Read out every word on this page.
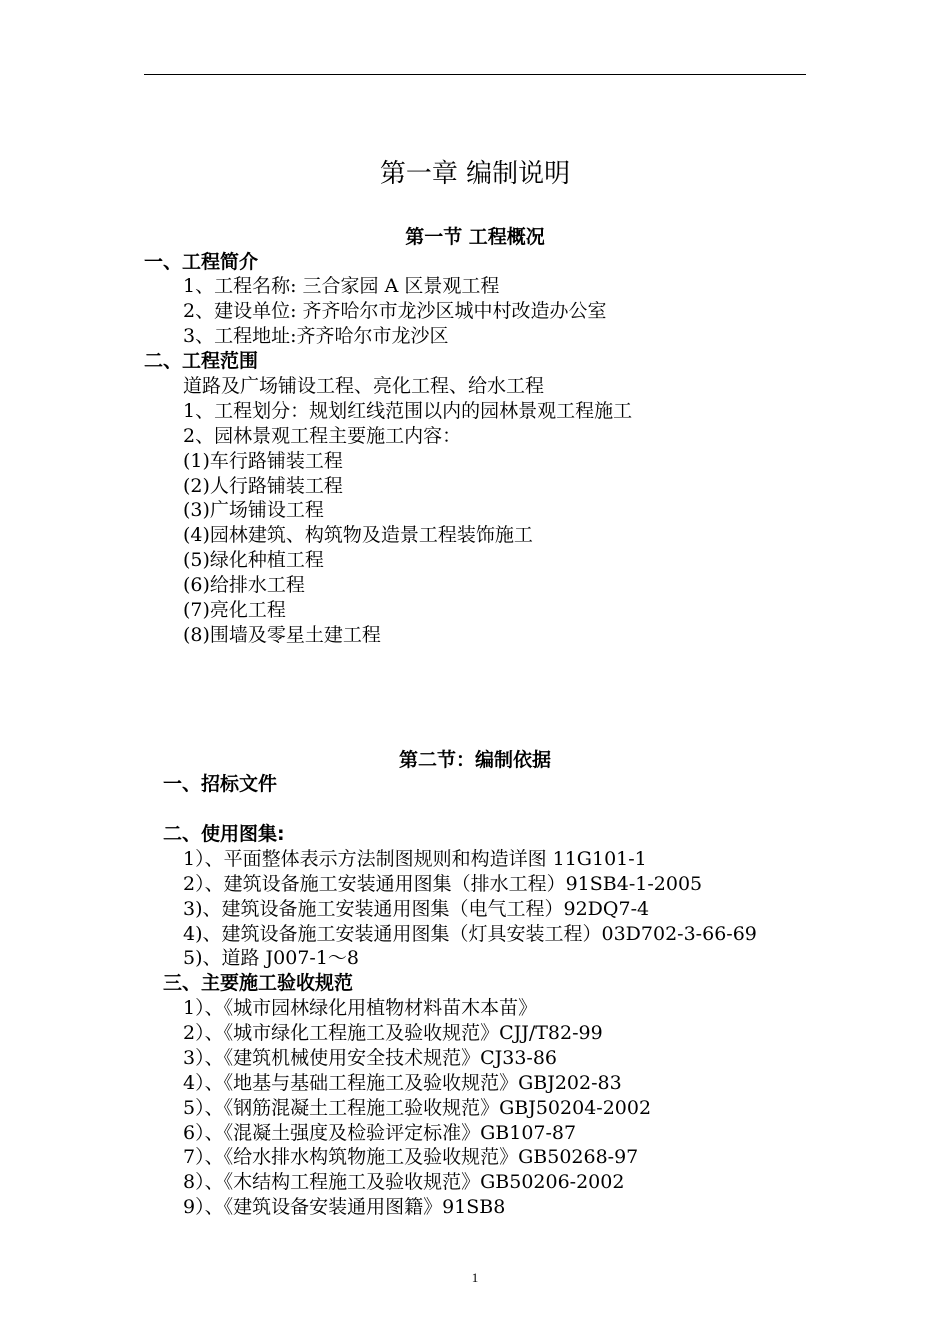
第一章 编制说明
第一节 工程概况
一、工程简介
1、工程名称: 三合家园 A 区景观工程
2、建设单位: 齐齐哈尔市龙沙区城中村改造办公室
3、工程地址:齐齐哈尔市龙沙区
二、工程范围
道路及广场铺设工程、亮化工程、给水工程
1、工程划分：规划红线范围以内的园林景观工程施工
2、园林景观工程主要施工内容：
(1)车行路铺装工程
(2)人行路铺装工程
(3)广场铺设工程
(4)园林建筑、构筑物及造景工程装饰施工
(5)绿化种植工程
(6)给排水工程
(7)亮化工程
(8)围墙及零星土建工程
第二节：编制依据
一、招标文件
二、使用图集:
1）、平面整体表示方法制图规则和构造详图 11G101-1
2）、建筑设备施工安装通用图集（排水工程）91SB4-1-2005
3)、建筑设备施工安装通用图集（电气工程）92DQ7-4
4)、建筑设备施工安装通用图集（灯具安装工程）03D702-3-66-69
5)、道路 J007-1～8
三、主要施工验收规范
1）、《城市园林绿化用植物材料苗木本苗》
2）、《城市绿化工程施工及验收规范》CJJ/T82-99
3）、《建筑机械使用安全技术规范》CJ33-86
4）、《地基与基础工程施工及验收规范》GBJ202-83
5）、《钢筋混凝土工程施工验收规范》GBJ50204-2002
6）、《混凝土强度及检验评定标准》GB107-87
7）、《给水排水构筑物施工及验收规范》GB50268-97
8）、《木结构工程施工及验收规范》GB50206-2002
9）、《建筑设备安装通用图籍》91SB8
1
